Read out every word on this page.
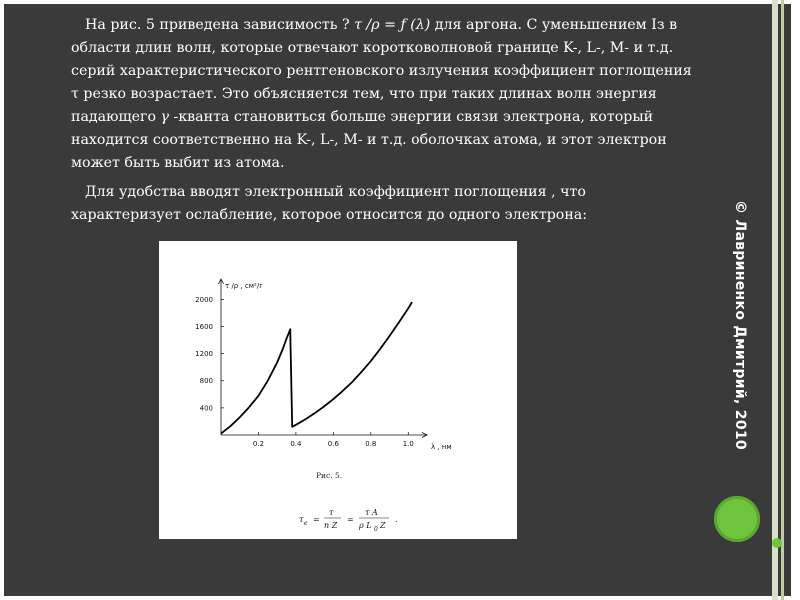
На рис. 5 приведена зависимость ? τ /ρ = ƒ (λ) для аргона. С уменьшением Iз в области длин волн, которые отвечают коротковолновой границе K-, L-, M- и т.д. серий характеристического рентгеновского излучения коэффициент поглощения τ резко возрастает. Это объясняется тем, что при таких длинах волн энергия падающего γ -кванта становиться больше энергии связи электрона, который находится соответственно на K-, L-, M- и т.д. оболочках атома, и этот электрон может быть выбит из атома.

Для удобства вводят электронный коэффициент поглощения , что характеризует ослабление, которое относится до одного электрона:	© Лавриненко Дмитрий, 2010
0.2	0.4	0.6	0.8	1.0
400
800
1200
1600
2000
τ /ρ , см²/г
λ , нм
Рис. 5.
τ e =
τ
n Z
=
τ A
ρ L 0 Z
.
